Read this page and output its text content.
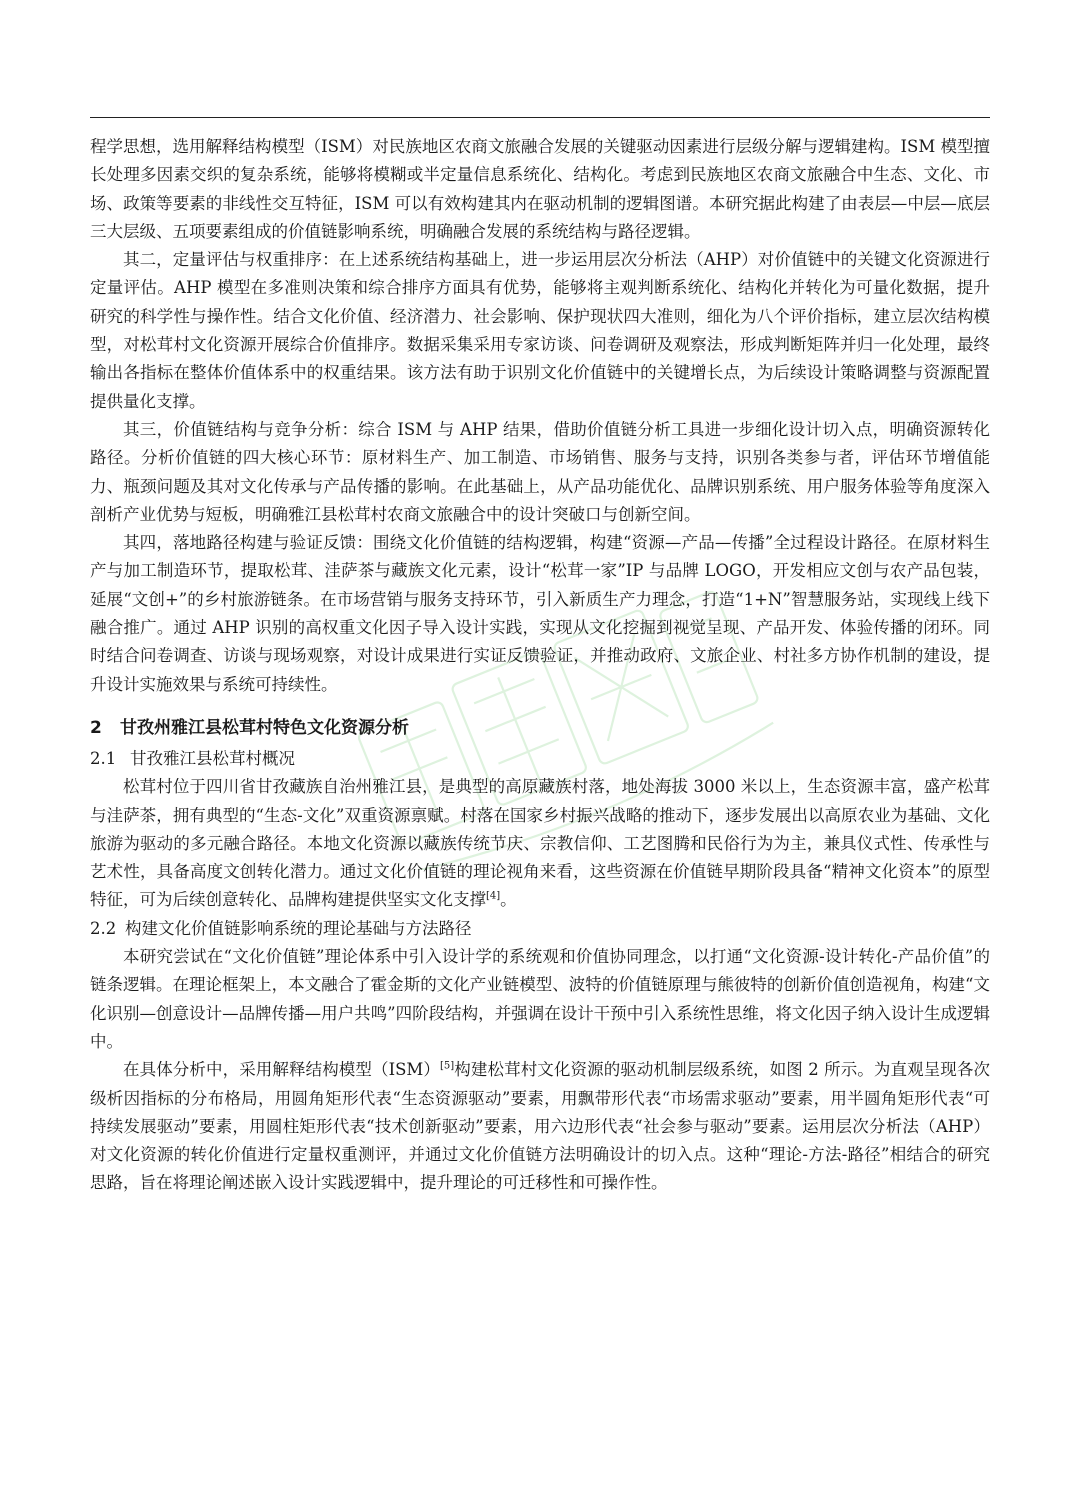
程学思想，选用解释结构模型（ISM）对民族地区农商文旅融合发展的关键驱动因素进行层级分解与逻辑建构。ISM 模型擅长处理多因素交织的复杂系统，能够将模糊或半定量信息系统化、结构化。考虑到民族地区农商文旅融合中生态、文化、市场、政策等要素的非线性交互特征，ISM 可以有效构建其内在驱动机制的逻辑图谱。本研究据此构建了由表层—中层—底层三大层级、五项要素组成的价值链影响系统，明确融合发展的系统结构与路径逻辑。

其二，定量评估与权重排序：在上述系统结构基础上，进一步运用层次分析法（AHP）对价值链中的关键文化资源进行定量评估。AHP 模型在多准则决策和综合排序方面具有优势，能够将主观判断系统化、结构化并转化为可量化数据，提升研究的科学性与操作性。结合文化价值、经济潜力、社会影响、保护现状四大准则，细化为八个评价指标，建立层次结构模型，对松茸村文化资源开展综合价值排序。数据采集采用专家访谈、问卷调研及观察法，形成判断矩阵并归一化处理，最终输出各指标在整体价值体系中的权重结果。该方法有助于识别文化价值链中的关键增长点，为后续设计策略调整与资源配置提供量化支撑。

其三，价值链结构与竞争分析：综合 ISM 与 AHP 结果，借助价值链分析工具进一步细化设计切入点，明确资源转化路径。分析价值链的四大核心环节：原材料生产、加工制造、市场销售、服务与支持，识别各类参与者，评估环节增值能力、瓶颈问题及其对文化传承与产品传播的影响。在此基础上，从产品功能优化、品牌识别系统、用户服务体验等角度深入剖析产业优势与短板，明确雅江县松茸村农商文旅融合中的设计突破口与创新空间。

其四，落地路径构建与验证反馈：围绕文化价值链的结构逻辑，构建“资源—产品—传播”全过程设计路径。在原材料生产与加工制造环节，提取松茸、洼萨茶与藏族文化元素，设计“松茸一家”IP 与品牌 LOGO，开发相应文创与农产品包装，延展“文创+”的乡村旅游链条。在市场营销与服务支持环节，引入新质生产力理念，打造“1+N”智慧服务站，实现线上线下融合推广。通过 AHP 识别的高权重文化因子导入设计实践，实现从文化挖掘到视觉呈现、产品开发、体验传播的闭环。同时结合问卷调查、访谈与现场观察，对设计成果进行实证反馈验证，并推动政府、文旅企业、村社多方协作机制的建设，提升设计实施效果与系统可持续性。

2 甘孜州雅江县松茸村特色文化资源分析
2.1 甘孜雅江县松茸村概况

松茸村位于四川省甘孜藏族自治州雅江县，是典型的高原藏族村落，地处海拔 3000 米以上，生态资源丰富，盛产松茸与洼萨茶，拥有典型的“生态-文化”双重资源禀赋。村落在国家乡村振兴战略的推动下，逐步发展出以高原农业为基础、文化旅游为驱动的多元融合路径。本地文化资源以藏族传统节庆、宗教信仰、工艺图腾和民俗行为为主，兼具仪式性、传承性与艺术性，具备高度文创转化潜力。通过文化价值链的理论视角来看，这些资源在价值链早期阶段具备“精神文化资本”的原型特征，可为后续创意转化、品牌构建提供坚实文化支撑[4]。

2.2 构建文化价值链影响系统的理论基础与方法路径

本研究尝试在“文化价值链”理论体系中引入设计学的系统观和价值协同理念，以打通“文化资源-设计转化-产品价值”的链条逻辑。在理论框架上，本文融合了霍金斯的文化产业链模型、波特的价值链原理与熊彼特的创新价值创造视角，构建“文化识别—创意设计—品牌传播—用户共鸣”四阶段结构，并强调在设计干预中引入系统性思维，将文化因子纳入设计生成逻辑中。

在具体分析中，采用解释结构模型（ISM）[5]构建松茸村文化资源的驱动机制层级系统，如图 2 所示。为直观呈现各次级析因指标的分布格局，用圆角矩形代表“生态资源驱动”要素，用飘带形代表“市场需求驱动”要素，用半圆角矩形代表“可持续发展驱动”要素，用圆柱矩形代表“技术创新驱动”要素，用六边形代表“社会参与驱动”要素。运用层次分析法（AHP）对文化资源的转化价值进行定量权重测评，并通过文化价值链方法明确设计的切入点。这种“理论-方法-路径”相结合的研究思路，旨在将理论阐述嵌入设计实践逻辑中，提升理论的可迁移性和可操作性。
